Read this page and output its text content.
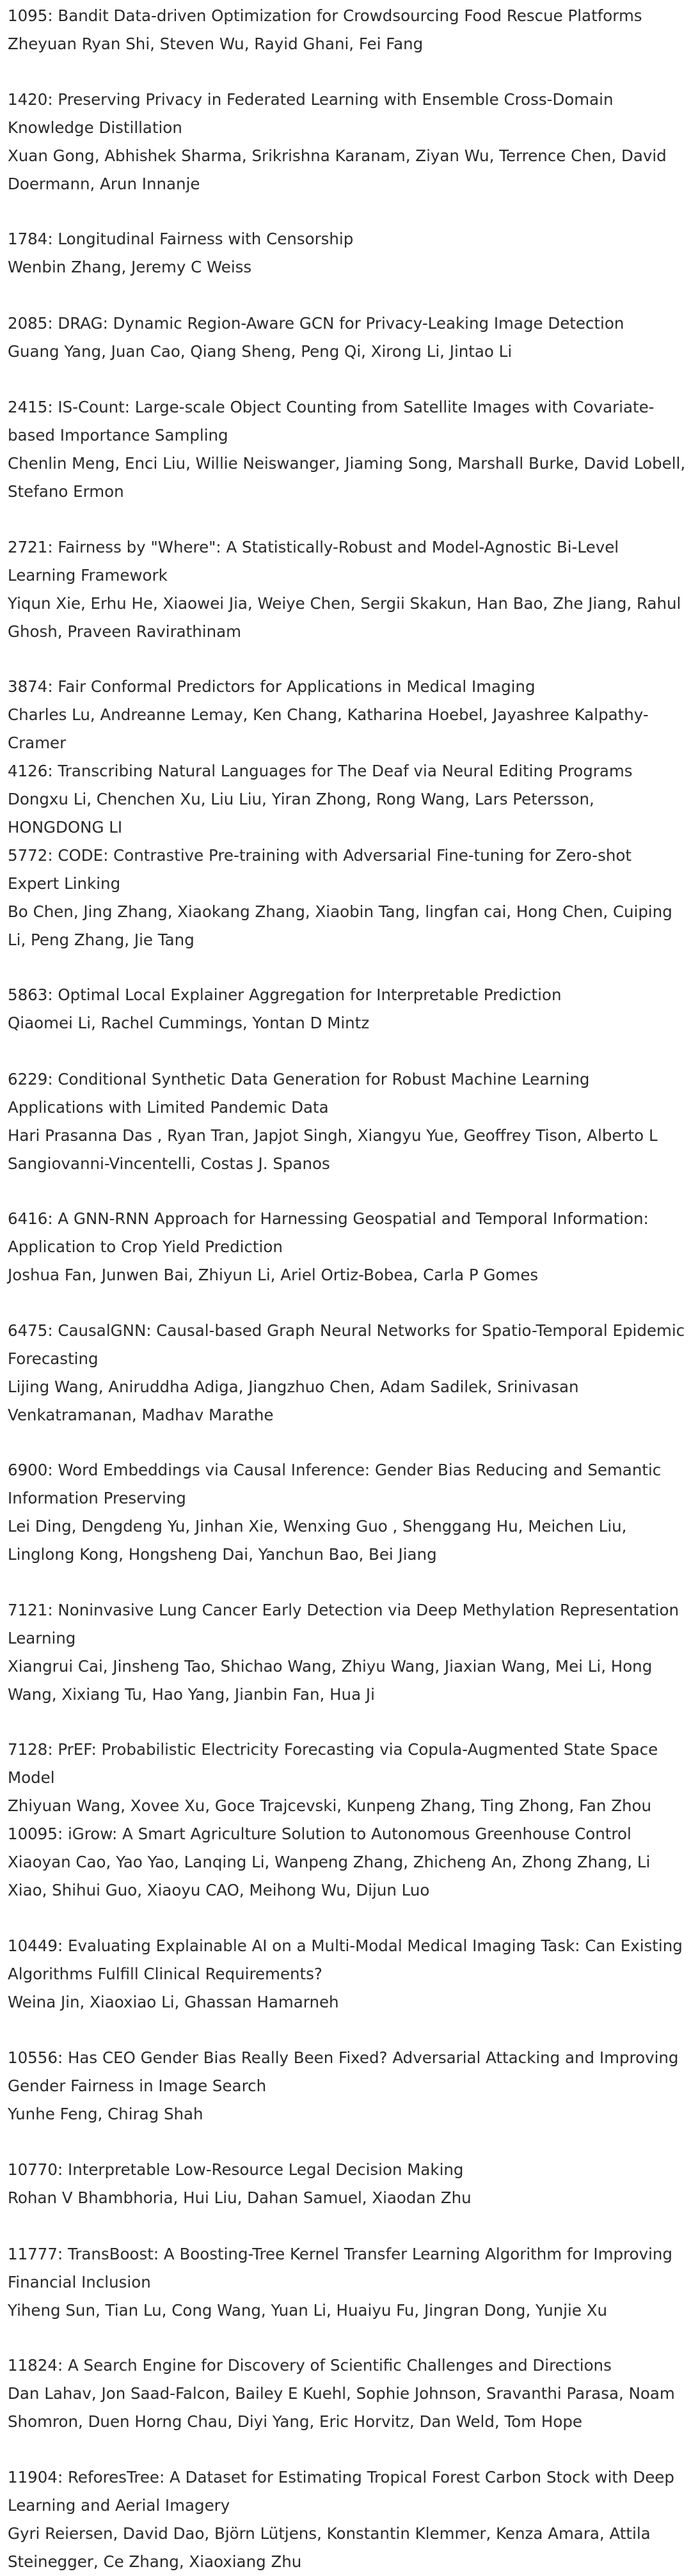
1095: Bandit Data-driven Optimization for Crowdsourcing Food Rescue Platforms
Zheyuan Ryan Shi, Steven Wu, Rayid Ghani, Fei Fang
1420: Preserving Privacy in Federated Learning with Ensemble Cross-Domain Knowledge Distillation
Xuan Gong, Abhishek Sharma, Srikrishna Karanam, Ziyan Wu, Terrence Chen, David Doermann, Arun Innanje
1784: Longitudinal Fairness with Censorship
Wenbin Zhang, Jeremy C Weiss
2085: DRAG: Dynamic Region-Aware GCN for Privacy-Leaking Image Detection
Guang Yang, Juan Cao, Qiang Sheng, Peng Qi, Xirong Li, Jintao Li
2415: IS-Count: Large-scale Object Counting from Satellite Images with Covariate-based Importance Sampling
Chenlin Meng, Enci Liu, Willie Neiswanger, Jiaming Song, Marshall Burke, David Lobell, Stefano Ermon
2721: Fairness by "Where": A Statistically-Robust and Model-Agnostic Bi-Level Learning Framework
Yiqun Xie, Erhu He, Xiaowei Jia, Weiye Chen, Sergii Skakun, Han Bao, Zhe Jiang, Rahul Ghosh, Praveen Ravirathinam
3874: Fair Conformal Predictors for Applications in Medical Imaging
Charles Lu, Andreanne Lemay, Ken Chang, Katharina Hoebel, Jayashree Kalpathy-Cramer
4126: Transcribing Natural Languages for The Deaf via Neural Editing Programs
Dongxu Li, Chenchen Xu, Liu Liu, Yiran Zhong, Rong Wang, Lars Petersson, HONGDONG LI
5772: CODE: Contrastive Pre-training with Adversarial Fine-tuning for Zero-shot Expert Linking
Bo Chen, Jing Zhang, Xiaokang Zhang, Xiaobin Tang, lingfan cai, Hong Chen, Cuiping Li, Peng Zhang, Jie Tang
5863: Optimal Local Explainer Aggregation for Interpretable Prediction
Qiaomei Li, Rachel Cummings, Yontan D Mintz
6229: Conditional Synthetic Data Generation for Robust Machine Learning Applications with Limited Pandemic Data
Hari Prasanna Das , Ryan Tran, Japjot Singh, Xiangyu Yue, Geoffrey Tison, Alberto L Sangiovanni-Vincentelli, Costas J. Spanos
6416: A GNN-RNN Approach for Harnessing Geospatial and Temporal Information: Application to Crop Yield Prediction
Joshua Fan, Junwen Bai, Zhiyun Li, Ariel Ortiz-Bobea, Carla P Gomes
6475: CausalGNN: Causal-based Graph Neural Networks for Spatio-Temporal Epidemic Forecasting
Lijing Wang, Aniruddha Adiga, Jiangzhuo Chen, Adam Sadilek, Srinivasan Venkatramanan, Madhav Marathe
6900: Word Embeddings via Causal Inference: Gender Bias Reducing and Semantic Information Preserving
Lei Ding, Dengdeng Yu, Jinhan Xie, Wenxing Guo , Shenggang Hu, Meichen Liu, Linglong Kong, Hongsheng Dai, Yanchun Bao, Bei Jiang
7121: Noninvasive Lung Cancer Early Detection via Deep Methylation Representation Learning
Xiangrui Cai, Jinsheng Tao, Shichao Wang, Zhiyu Wang, Jiaxian Wang, Mei Li, Hong Wang, Xixiang Tu, Hao Yang, Jianbin Fan, Hua Ji
7128: PrEF: Probabilistic Electricity Forecasting via Copula-Augmented State Space Model
Zhiyuan Wang, Xovee Xu, Goce Trajcevski, Kunpeng Zhang, Ting Zhong, Fan Zhou
10095: iGrow: A Smart Agriculture Solution to Autonomous Greenhouse Control
Xiaoyan Cao, Yao Yao, Lanqing Li, Wanpeng Zhang, Zhicheng An, Zhong Zhang, Li Xiao, Shihui Guo, Xiaoyu CAO, Meihong Wu, Dijun Luo
10449: Evaluating Explainable AI on a Multi-Modal Medical Imaging Task: Can Existing Algorithms Fulfill Clinical Requirements?
Weina Jin, Xiaoxiao Li, Ghassan Hamarneh
10556: Has CEO Gender Bias Really Been Fixed? Adversarial Attacking and Improving Gender Fairness in Image Search
Yunhe Feng, Chirag Shah
10770: Interpretable Low-Resource Legal Decision Making
Rohan V Bhambhoria, Hui Liu, Dahan Samuel, Xiaodan Zhu
11777: TransBoost: A Boosting-Tree Kernel Transfer Learning Algorithm for Improving Financial Inclusion
Yiheng Sun, Tian Lu, Cong Wang, Yuan Li, Huaiyu Fu, Jingran Dong, Yunjie Xu
11824: A Search Engine for Discovery of Scientific Challenges and Directions
Dan Lahav, Jon Saad-Falcon, Bailey E Kuehl, Sophie Johnson, Sravanthi Parasa, Noam Shomron, Duen Horng Chau, Diyi Yang, Eric Horvitz, Dan Weld, Tom Hope
11904: ReforesTree: A Dataset for Estimating Tropical Forest Carbon Stock with Deep Learning and Aerial Imagery
Gyri Reiersen, David Dao, Björn Lütjens, Konstantin Klemmer, Kenza Amara, Attila Steinegger, Ce Zhang, Xiaoxiang Zhu
